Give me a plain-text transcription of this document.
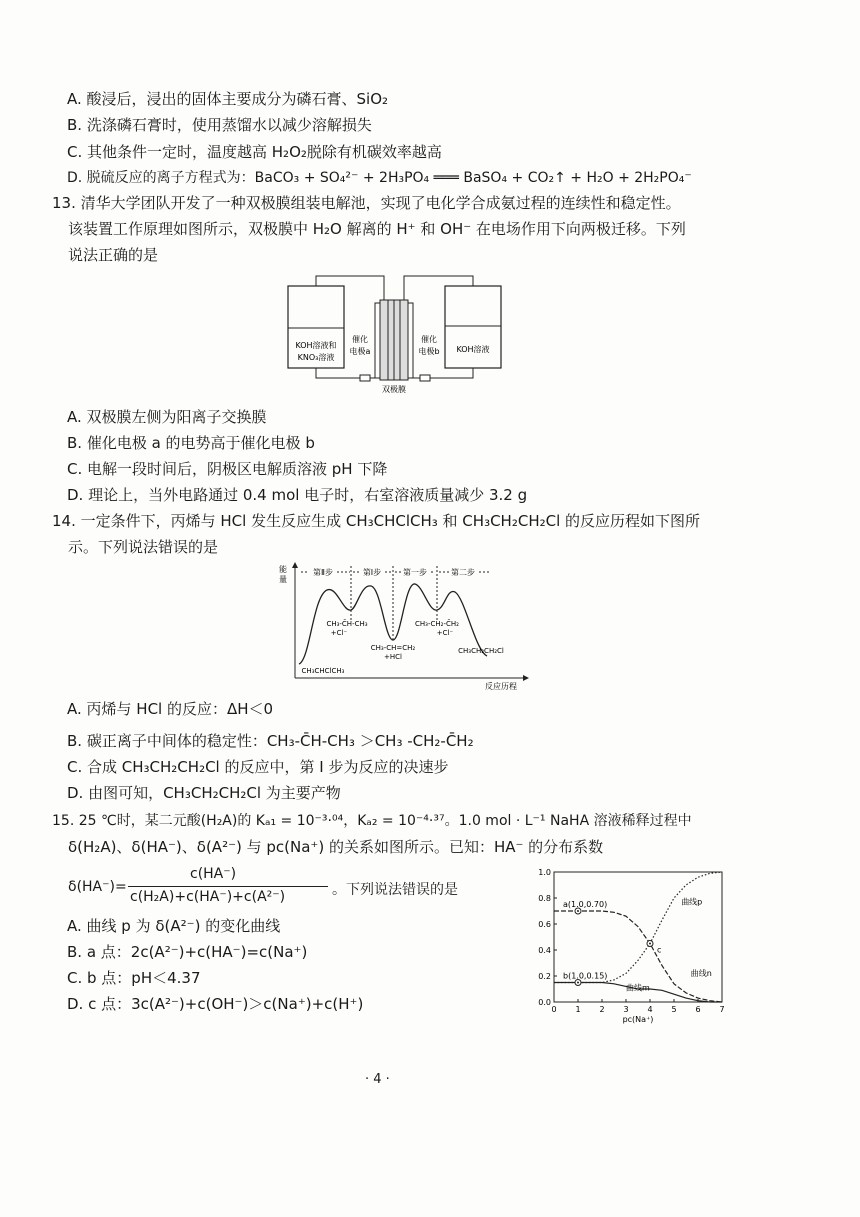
A. 酸浸后，浸出的固体主要成分为磷石膏、SiO₂
B. 洗涤磷石膏时，使用蒸馏水以减少溶解损失
C. 其他条件一定时，温度越高 H₂O₂脱除有机碳效率越高
D. 脱硫反应的离子方程式为：BaCO₃ + SO₄²⁻ + 2H₃PO₄ ═══ BaSO₄ + CO₂↑ + H₂O + 2H₂PO₄⁻
13. 清华大学团队开发了一种双极膜组装电解池，实现了电化学合成氨过程的连续性和稳定性。
该装置工作原理如图所示，双极膜中 H₂O 解离的 H⁺ 和 OH⁻ 在电场作用下向两极迁移。下列
说法正确的是
KOH溶液和
KNO₃溶液
催化
电极a
催化
电极b KOH溶液
双极膜
A. 双极膜左侧为阳离子交换膜
B. 催化电极 a 的电势高于催化电极 b
C. 电解一段时间后，阴极区电解质溶液 pH 下降
D. 理论上，当外电路通过 0.4 mol 电子时，右室溶液质量减少 3.2 g
14. 一定条件下，丙烯与 HCl 发生反应生成 CH₃CHClCH₃ 和 CH₃CH₂CH₂Cl 的反应历程如下图所
示。下列说法错误的是
能
量
反应历程
第Ⅱ步	第Ⅰ步	第一步	第二步
CH₃-C̄H-CH₃
+Cl⁻
CH₃-CH=CH₂
+HCl
CH₃-CH₂-C̄H₂
+Cl⁻
CH₃CHClCH₃
CH₃CH₂CH₂Cl
A. 丙烯与 HCl 的反应：ΔH＜0
B. 碳正离子中间体的稳定性：CH₃-C̄H-CH₃ ＞CH₃ -CH₂-C̄H₂
C. 合成 CH₃CH₂CH₂Cl 的反应中，第 Ⅰ 步为反应的决速步
D. 由图可知，CH₃CH₂CH₂Cl 为主要产物
15. 25 ℃时，某二元酸(H₂A)的 Kₐ₁ = 10⁻³·⁰⁴，Kₐ₂ = 10⁻⁴·³⁷。1.0 mol · L⁻¹ NaHA 溶液稀释过程中
δ(H₂A)、δ(HA⁻)、δ(A²⁻) 与 pc(Na⁺) 的关系如图所示。已知：HA⁻ 的分布系数
δ(HA⁻)=
c(HA⁻)
c(H₂A)+c(HA⁻)+c(A²⁻)	。下列说法错误的是
A. 曲线 p 为 δ(A²⁻) 的变化曲线
B. a 点：2c(A²⁻)+c(HA⁻)=c(Na⁺)
C. b 点：pH＜4.37
D. c 点：3c(A²⁻)+c(OH⁻)＞c(Na⁺)+c(H⁺)	0 1 2 3 4 5 6 7
0.0
0.2
0.4
0.6
0.8
1.0
pc(Na⁺)
曲线p
曲线m
曲线n
a(1.0,0.70)
b(1.0,0.15)
c
· 4 ·
